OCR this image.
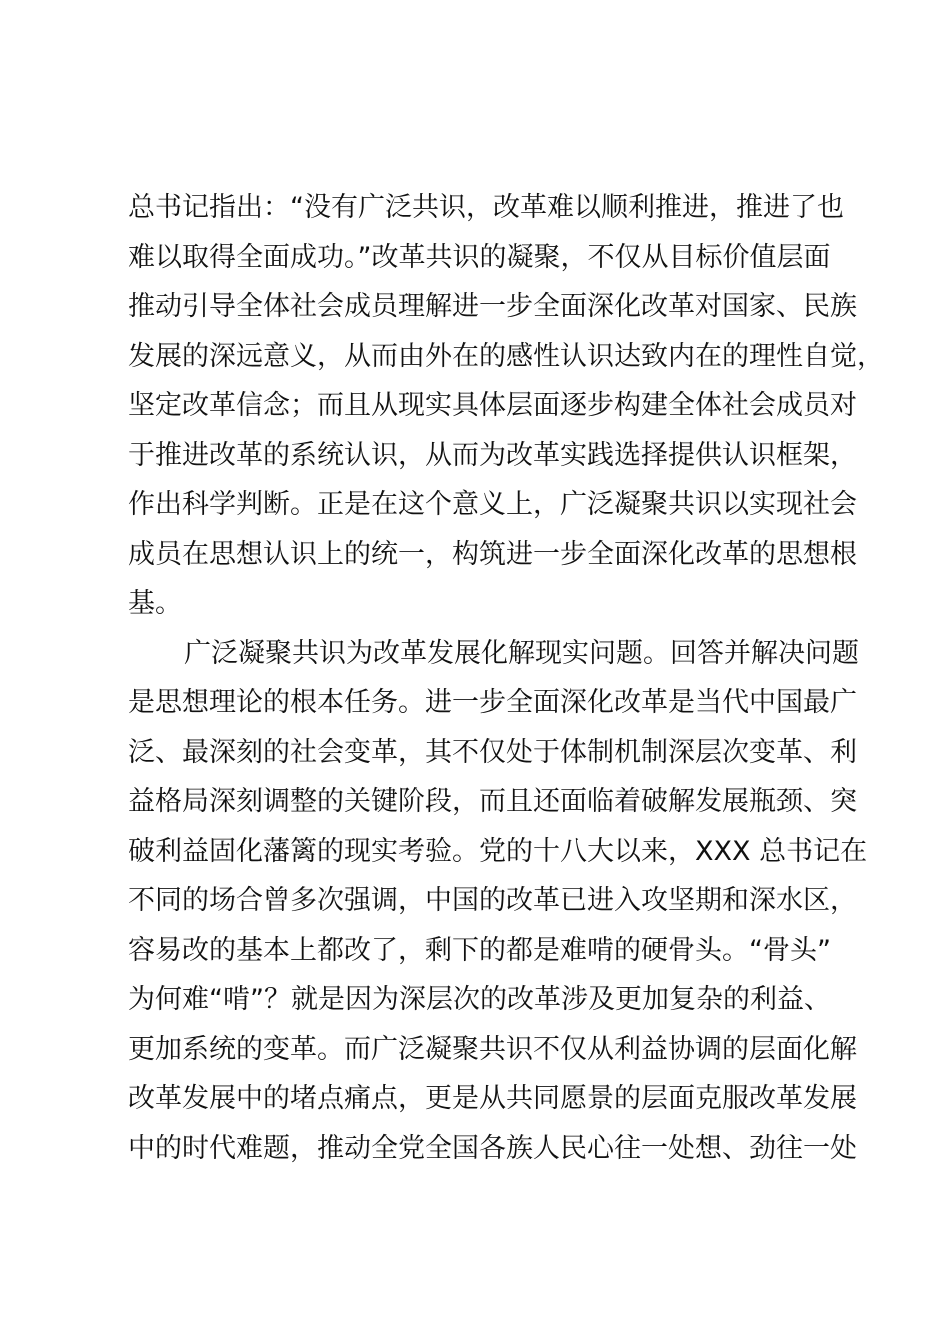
总书记指出：“没有广泛共识，改革难以顺利推进，推进了也
难以取得全面成功。”改革共识的凝聚，不仅从目标价值层面
推动引导全体社会成员理解进一步全面深化改革对国家、民族
发展的深远意义，从而由外在的感性认识达致内在的理性自觉，
坚定改革信念；而且从现实具体层面逐步构建全体社会成员对
于推进改革的系统认识，从而为改革实践选择提供认识框架，
作出科学判断。正是在这个意义上，广泛凝聚共识以实现社会
成员在思想认识上的统一，构筑进一步全面深化改革的思想根
基。
广泛凝聚共识为改革发展化解现实问题。回答并解决问题
是思想理论的根本任务。进一步全面深化改革是当代中国最广
泛、最深刻的社会变革，其不仅处于体制机制深层次变革、利
益格局深刻调整的关键阶段，而且还面临着破解发展瓶颈、突
破利益固化藩篱的现实考验。党的十八大以来，XXX 总书记在
不同的场合曾多次强调，中国的改革已进入攻坚期和深水区，
容易改的基本上都改了，剩下的都是难啃的硬骨头。“骨头”
为何难“啃”？就是因为深层次的改革涉及更加复杂的利益、
更加系统的变革。而广泛凝聚共识不仅从利益协调的层面化解
改革发展中的堵点痛点，更是从共同愿景的层面克服改革发展
中的时代难题，推动全党全国各族人民心往一处想、劲往一处
